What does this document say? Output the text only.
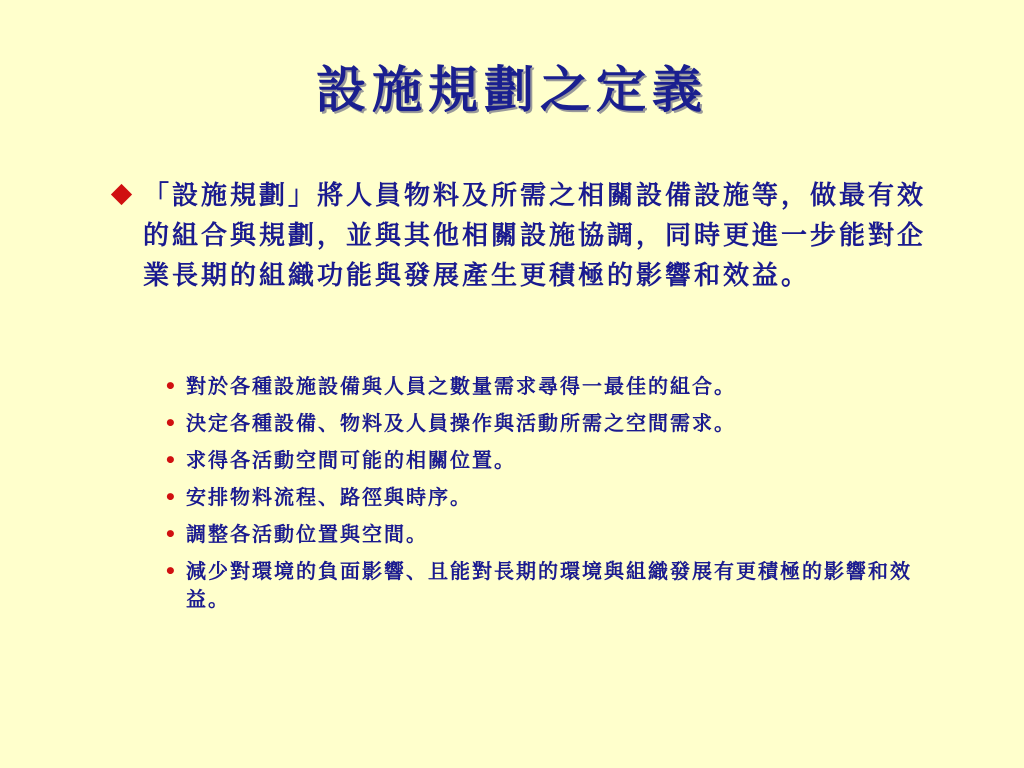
設施規劃之定義
「設施規劃」將人員物料及所需之相關設備設施等，做最有效的組合與規劃，並與其他相關設施協調，同時更進一步能對企業長期的組織功能與發展產生更積極的影響和效益。
• 對於各種設施設備與人員之數量需求尋得一最佳的組合。
• 決定各種設備、物料及人員操作與活動所需之空間需求。
• 求得各活動空間可能的相關位置。
• 安排物料流程、路徑與時序。
• 調整各活動位置與空間。
• 減少對環境的負面影響、且能對長期的環境與組織發展有更積極的影響和效益。
